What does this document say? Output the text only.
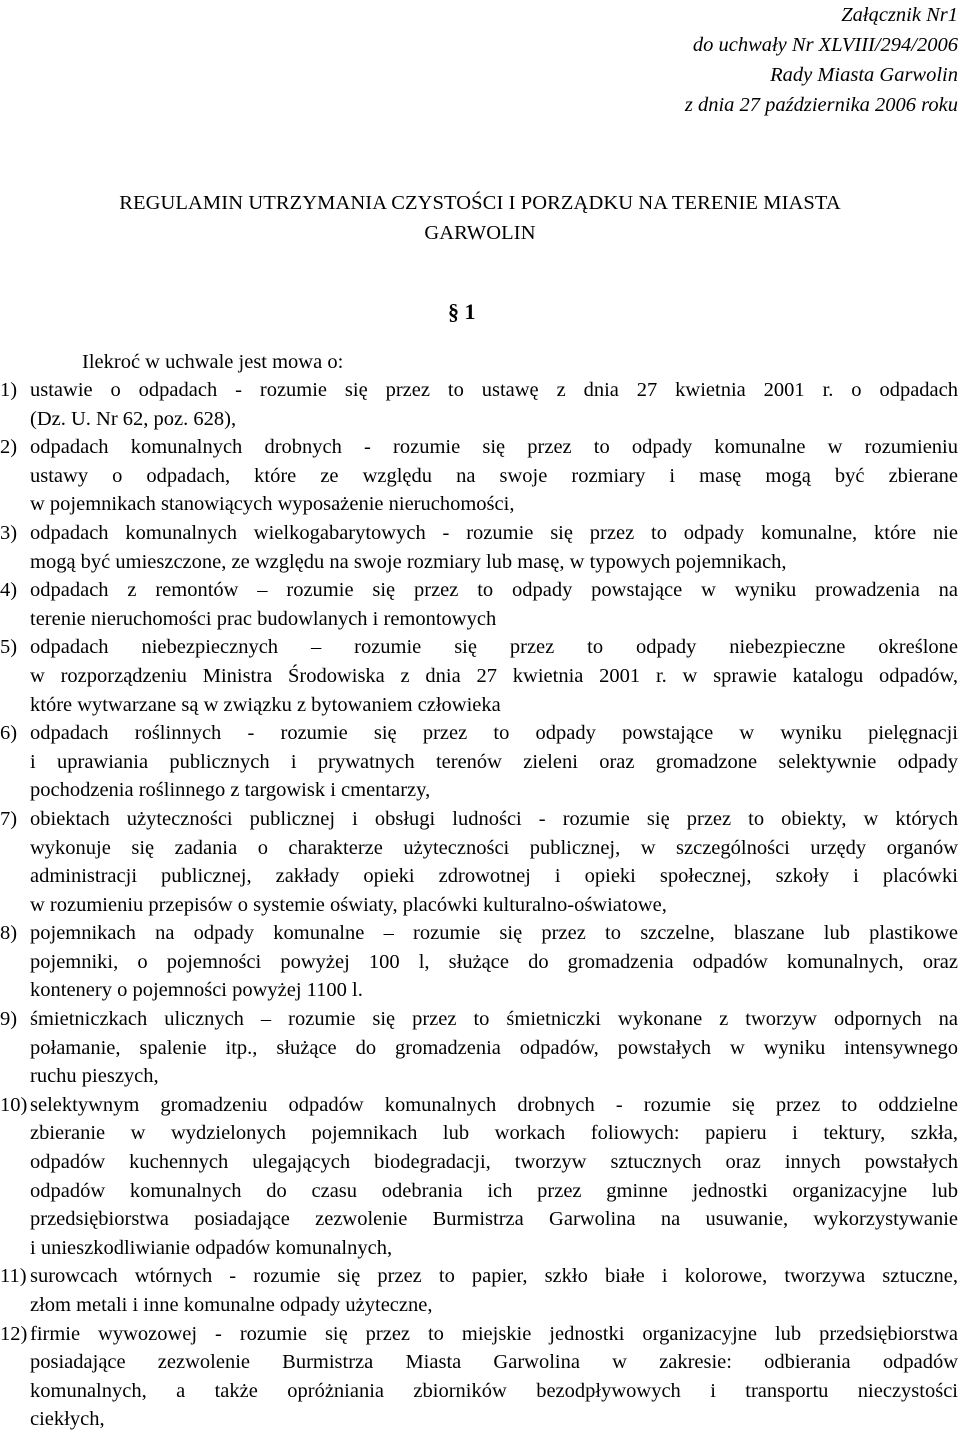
Załącznik Nr1
do uchwały Nr XLVIII/294/2006
Rady Miasta Garwolin
z dnia 27 października 2006 roku
REGULAMIN UTRZYMANIA CZYSTOŚCI I PORZĄDKU NA TERENIE MIASTA
GARWOLIN
§ 1
Ilekroć w uchwale jest mowa o:
1) ustawie o odpadach - rozumie się przez to ustawę z dnia 27 kwietnia 2001 r. o odpadach
(Dz. U. Nr 62, poz. 628),
2) odpadach komunalnych drobnych - rozumie się przez to odpady komunalne w rozumieniu
ustawy o odpadach, które ze względu na swoje rozmiary i masę mogą być zbierane
w pojemnikach stanowiących wyposażenie nieruchomości,
3) odpadach komunalnych wielkogabarytowych - rozumie się przez to odpady komunalne, które nie
mogą być umieszczone, ze względu na swoje rozmiary lub masę, w typowych pojemnikach,
4) odpadach z remontów – rozumie się przez to odpady powstające w wyniku prowadzenia na
terenie nieruchomości prac budowlanych i remontowych
5) odpadach niebezpiecznych – rozumie się przez to odpady niebezpieczne określone
w rozporządzeniu Ministra Środowiska z dnia 27 kwietnia 2001 r. w sprawie katalogu odpadów,
które wytwarzane są w związku z bytowaniem człowieka
6) odpadach roślinnych - rozumie się przez to odpady powstające w wyniku pielęgnacji
i uprawiania publicznych i prywatnych terenów zieleni oraz gromadzone selektywnie odpady
pochodzenia roślinnego z targowisk i cmentarzy,
7) obiektach użyteczności publicznej i obsługi ludności - rozumie się przez to obiekty, w których
wykonuje się zadania o charakterze użyteczności publicznej, w szczególności urzędy organów
administracji publicznej, zakłady opieki zdrowotnej i opieki społecznej, szkoły i placówki
w rozumieniu przepisów o systemie oświaty, placówki kulturalno-oświatowe,
8) pojemnikach na odpady komunalne – rozumie się przez to szczelne, blaszane lub plastikowe
pojemniki, o pojemności powyżej 100 l, służące do gromadzenia odpadów komunalnych, oraz
kontenery o pojemności powyżej 1100 l.
9) śmietniczkach ulicznych – rozumie się przez to śmietniczki wykonane z tworzyw odpornych na
połamanie, spalenie itp., służące do gromadzenia odpadów, powstałych w wyniku intensywnego
ruchu pieszych,
10) selektywnym gromadzeniu odpadów komunalnych drobnych - rozumie się przez to oddzielne
zbieranie w wydzielonych pojemnikach lub workach foliowych: papieru i tektury, szkła,
odpadów kuchennych ulegających biodegradacji, tworzyw sztucznych oraz innych powstałych
odpadów komunalnych do czasu odebrania ich przez gminne jednostki organizacyjne lub
przedsiębiorstwa posiadające zezwolenie Burmistrza Garwolina na usuwanie, wykorzystywanie
i unieszkodliwianie odpadów komunalnych,
11) surowcach wtórnych - rozumie się przez to papier, szkło białe i kolorowe, tworzywa sztuczne,
złom metali i inne komunalne odpady użyteczne,
12) firmie wywozowej - rozumie się przez to miejskie jednostki organizacyjne lub przedsiębiorstwa
posiadające zezwolenie Burmistrza Miasta Garwolina w zakresie: odbierania odpadów
komunalnych, a także opróżniania zbiorników bezodpływowych i transportu nieczystości
ciekłych,
